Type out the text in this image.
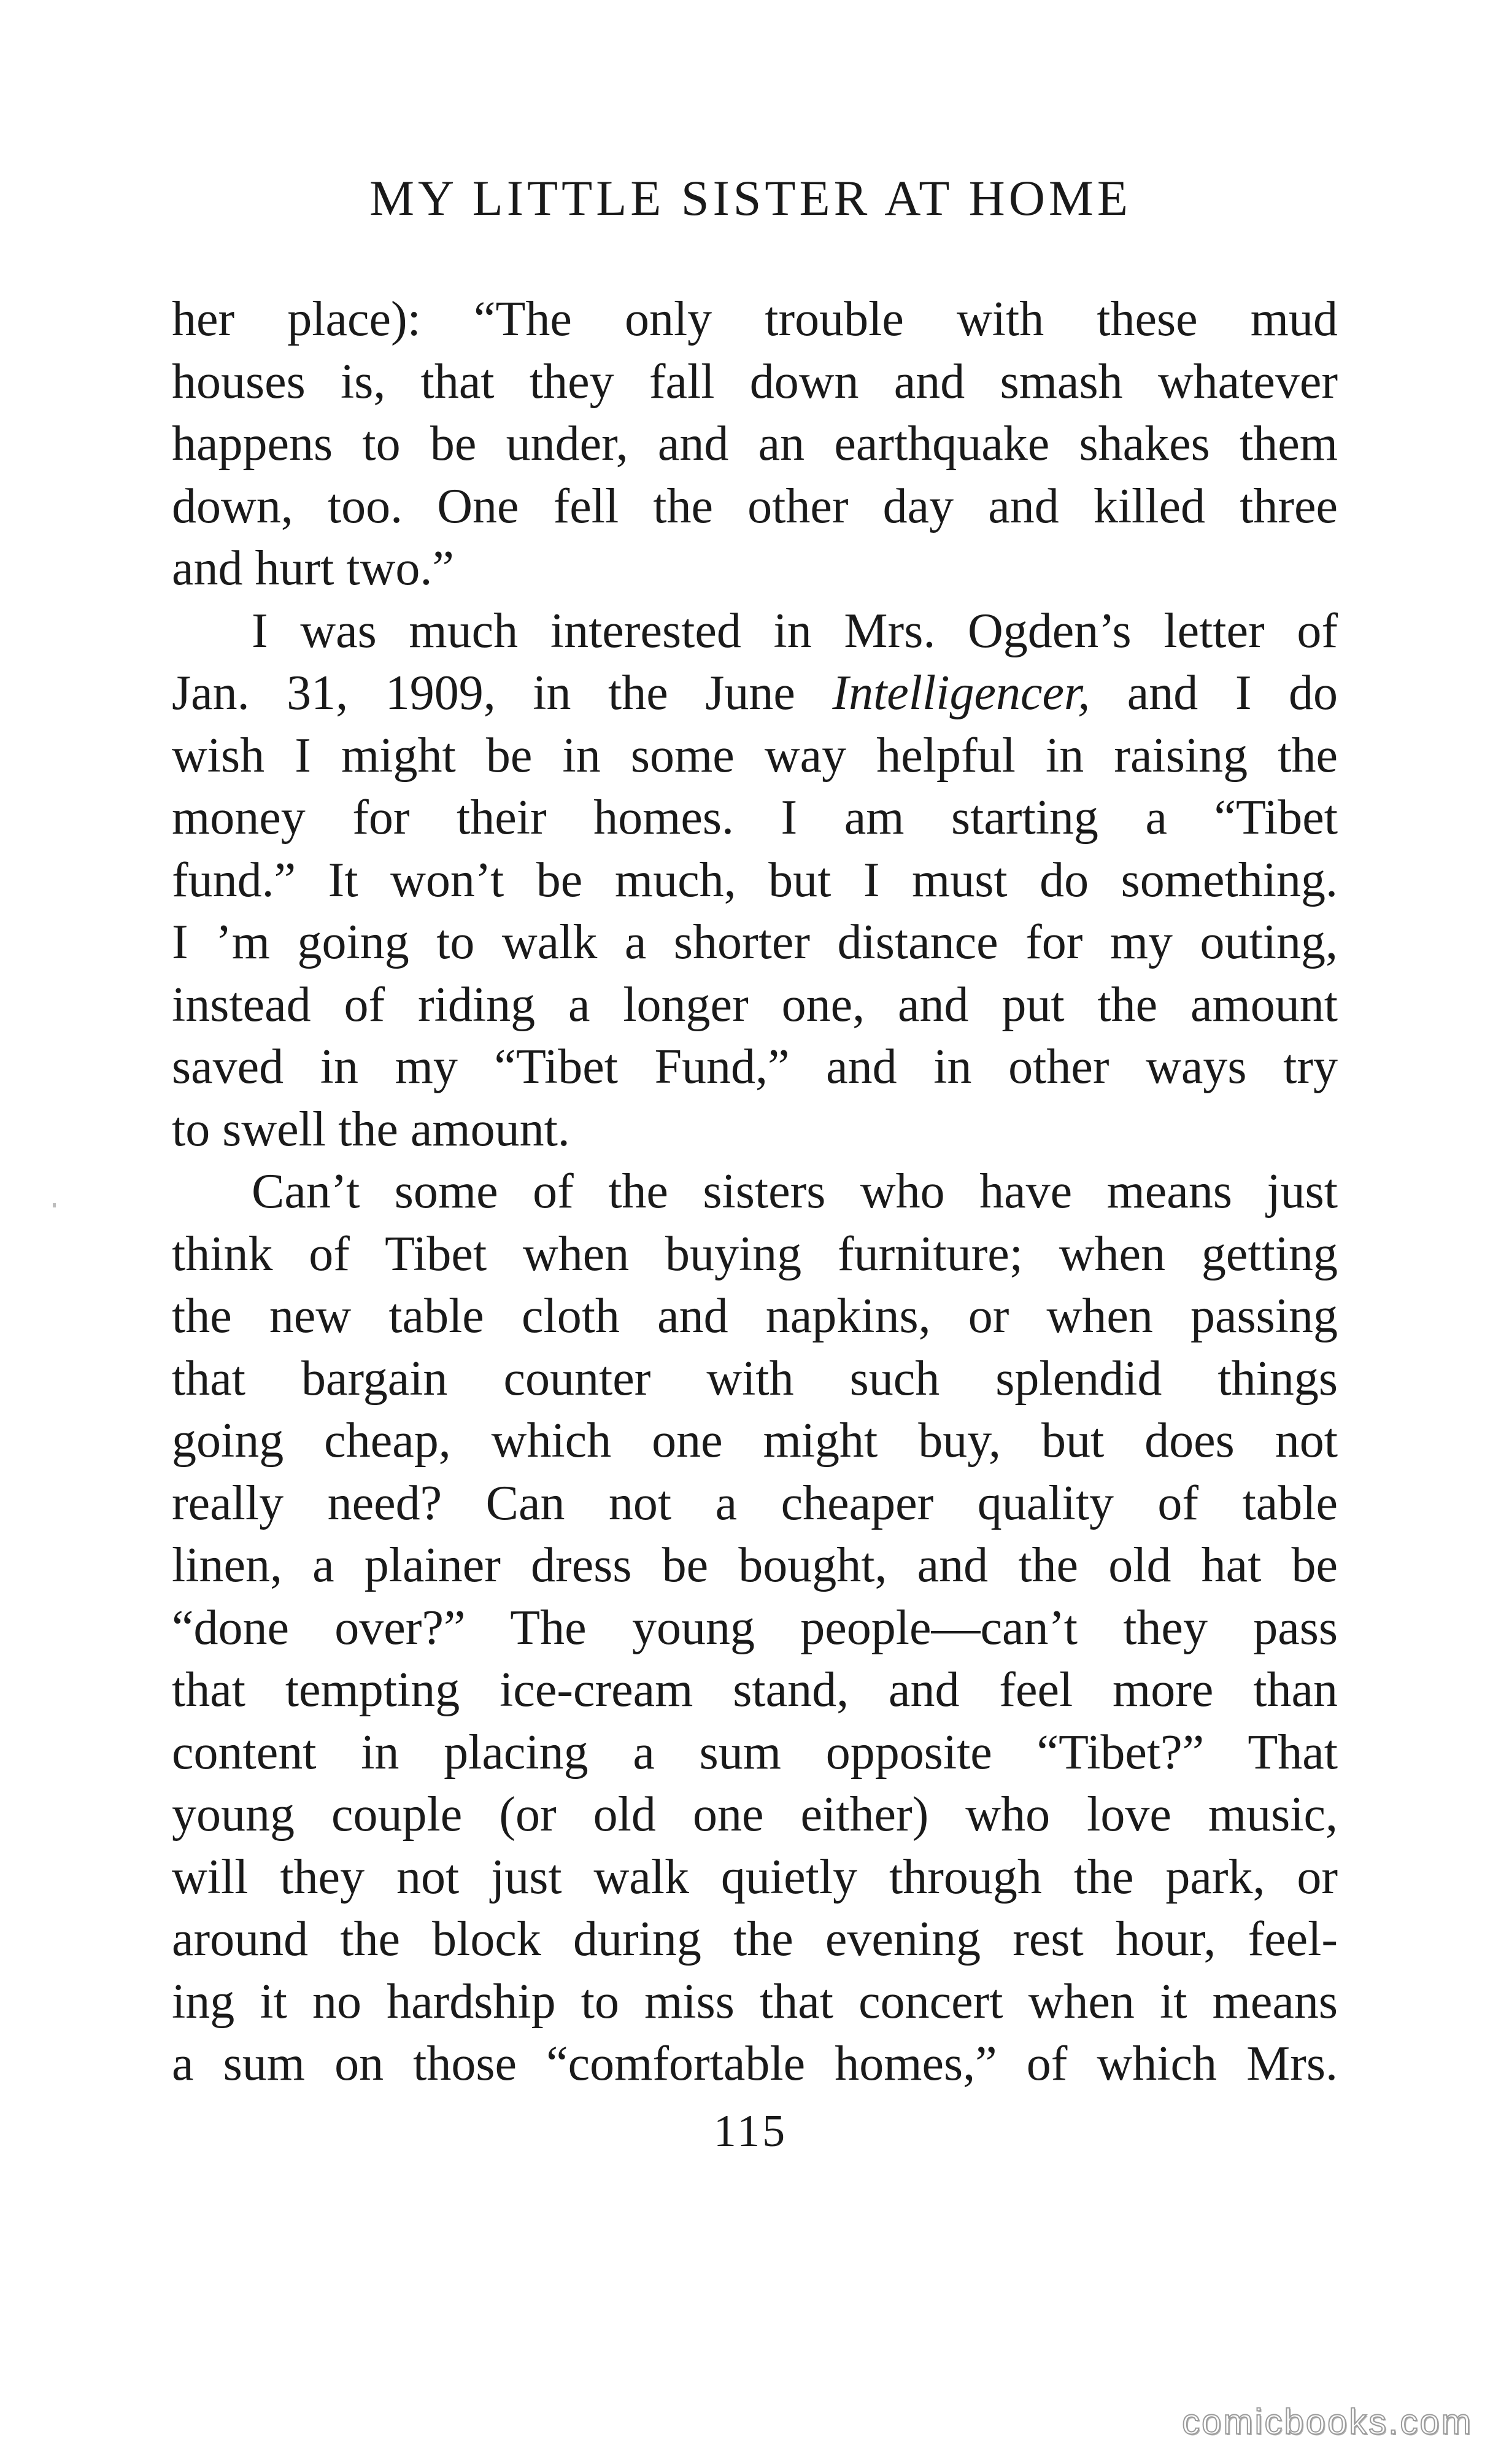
MY LITTLE SISTER AT HOME
her place): “The only trouble with these mud
houses is, that they fall down and smash whatever
happens to be under, and an earthquake shakes them
down, too. One fell the other day and killed three
and hurt two.”
I was much interested in Mrs. Ogden’s letter of
Jan. 31, 1909, in the June Intelligencer, and I do
wish I might be in some way helpful in raising the
money for their homes. I am starting a “Tibet
fund.” It won’t be much, but I must do something.
I ’m going to walk a shorter distance for my outing,
instead of riding a longer one, and put the amount
saved in my “Tibet Fund,” and in other ways try
to swell the amount.
Can’t some of the sisters who have means just
think of Tibet when buying furniture; when getting
the new table cloth and napkins, or when passing
that bargain counter with such splendid things
going cheap, which one might buy, but does not
really need? Can not a cheaper quality of table
linen, a plainer dress be bought, and the old hat be
“done over?” The young people—can’t they pass
that tempting ice-cream stand, and feel more than
content in placing a sum opposite “Tibet?” That
young couple (or old one either) who love music,
will they not just walk quietly through the park, or
around the block during the evening rest hour, feel-
ing it no hardship to miss that concert when it means
a sum on those “comfortable homes,” of which Mrs.
115
comicbooks.com
